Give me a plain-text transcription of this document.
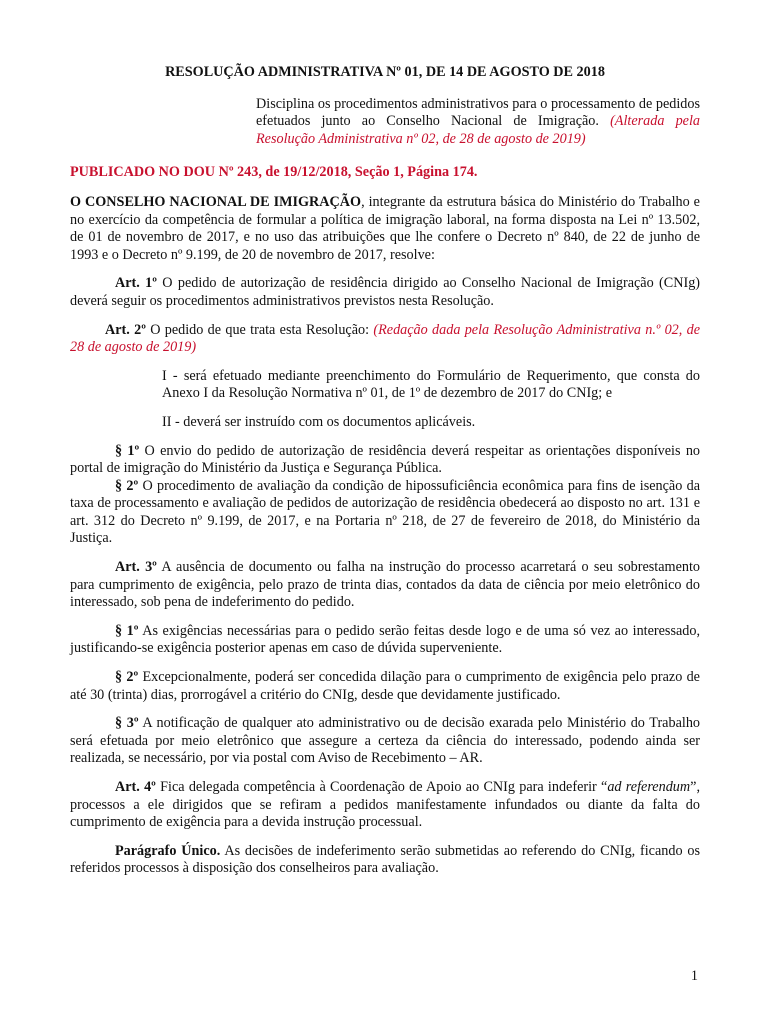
RESOLUÇÃO ADMINISTRATIVA Nº 01, DE 14 DE AGOSTO DE 2018
Disciplina os procedimentos administrativos para o processamento de pedidos efetuados junto ao Conselho Nacional de Imigração. (Alterada pela Resolução Administrativa nº 02, de 28 de agosto de 2019)
PUBLICADO NO DOU Nº 243, de 19/12/2018, Seção 1, Página 174.

O CONSELHO NACIONAL DE IMIGRAÇÃO, integrante da estrutura básica do Ministério do Trabalho e no exercício da competência de formular a política de imigração laboral, na forma disposta na Lei nº 13.502, de 01 de novembro de 2017, e no uso das atribuições que lhe confere o Decreto nº 840, de 22 de junho de 1993 e o Decreto nº 9.199, de 20 de novembro de 2017, resolve:

Art. 1º O pedido de autorização de residência dirigido ao Conselho Nacional de Imigração (CNIg) deverá seguir os procedimentos administrativos previstos nesta Resolução.

Art. 2º O pedido de que trata esta Resolução: (Redação dada pela Resolução Administrativa n.º 02, de 28 de agosto de 2019)

I - será efetuado mediante preenchimento do Formulário de Requerimento, que consta do Anexo I da Resolução Normativa nº 01, de 1º de dezembro de 2017 do CNIg; e

II - deverá ser instruído com os documentos aplicáveis.

§ 1º O envio do pedido de autorização de residência deverá respeitar as orientações disponíveis no portal de imigração do Ministério da Justiça e Segurança Pública.

§ 2º O procedimento de avaliação da condição de hipossuficiência econômica para fins de isenção da taxa de processamento e avaliação de pedidos de autorização de residência obedecerá ao disposto no art. 131 e art. 312 do Decreto nº 9.199, de 2017, e na Portaria nº 218, de 27 de fevereiro de 2018, do Ministério da Justiça.

Art. 3º A ausência de documento ou falha na instrução do processo acarretará o seu sobrestamento para cumprimento de exigência, pelo prazo de trinta dias, contados da data de ciência por meio eletrônico do interessado, sob pena de indeferimento do pedido.

§ 1º As exigências necessárias para o pedido serão feitas desde logo e de uma só vez ao interessado, justificando-se exigência posterior apenas em caso de dúvida superveniente.

§ 2º Excepcionalmente, poderá ser concedida dilação para o cumprimento de exigência pelo prazo de até 30 (trinta) dias, prorrogável a critério do CNIg, desde que devidamente justificado.

§ 3º A notificação de qualquer ato administrativo ou de decisão exarada pelo Ministério do Trabalho será efetuada por meio eletrônico que assegure a certeza da ciência do interessado, podendo ainda ser realizada, se necessário, por via postal com Aviso de Recebimento – AR.

Art. 4º Fica delegada competência à Coordenação de Apoio ao CNIg para indeferir “ad referendum”, processos a ele dirigidos que se refiram a pedidos manifestamente infundados ou diante da falta do cumprimento de exigência para a devida instrução processual.

Parágrafo Único. As decisões de indeferimento serão submetidas ao referendo do CNIg, ficando os referidos processos à disposição dos conselheiros para avaliação.

1
